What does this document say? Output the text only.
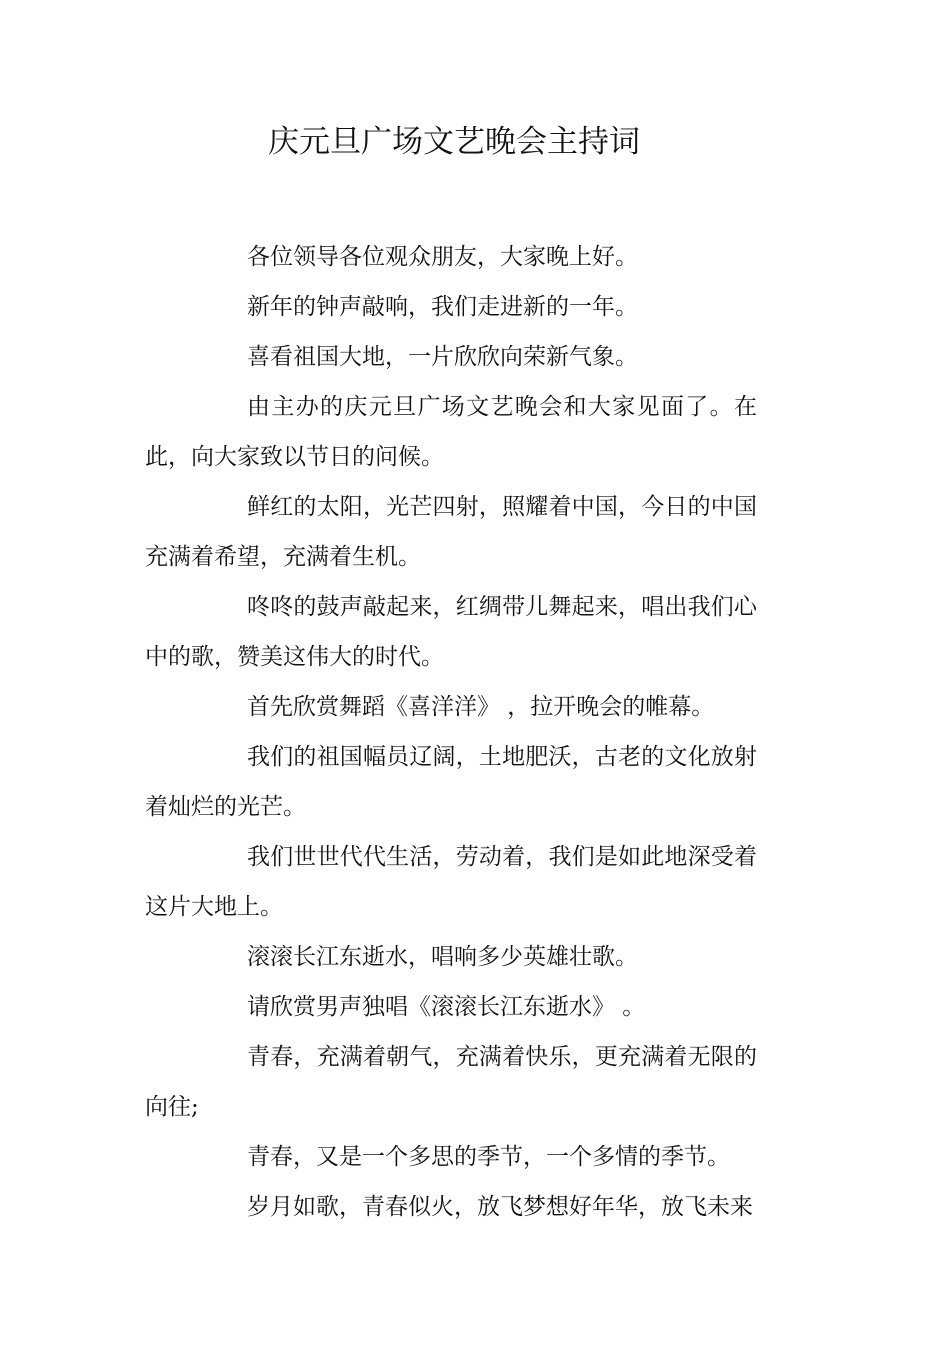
庆元旦广场文艺晚会主持词

各位领导各位观众朋友，大家晚上好。

新年的钟声敲响，我们走进新的一年。

喜看祖国大地，一片欣欣向荣新气象。

由主办的庆元旦广场文艺晚会和大家见面了。在此，向大家致以节日的问候。

鲜红的太阳，光芒四射，照耀着中国，今日的中国充满着希望，充满着生机。

咚咚的鼓声敲起来，红绸带儿舞起来，唱出我们心中的歌，赞美这伟大的时代。

首先欣赏舞蹈《喜洋洋》 ，拉开晚会的帷幕。

我们的祖国幅员辽阔，土地肥沃，古老的文化放射着灿烂的光芒。

我们世世代代生活，劳动着，我们是如此地深受着这片大地上。

滚滚长江东逝水，唱响多少英雄壮歌。

请欣赏男声独唱《滚滚长江东逝水》 。

青春，充满着朝气，充满着快乐，更充满着无限的向往;

青春，又是一个多思的季节，一个多情的季节。

岁月如歌，青春似火，放飞梦想好年华，放飞未来
